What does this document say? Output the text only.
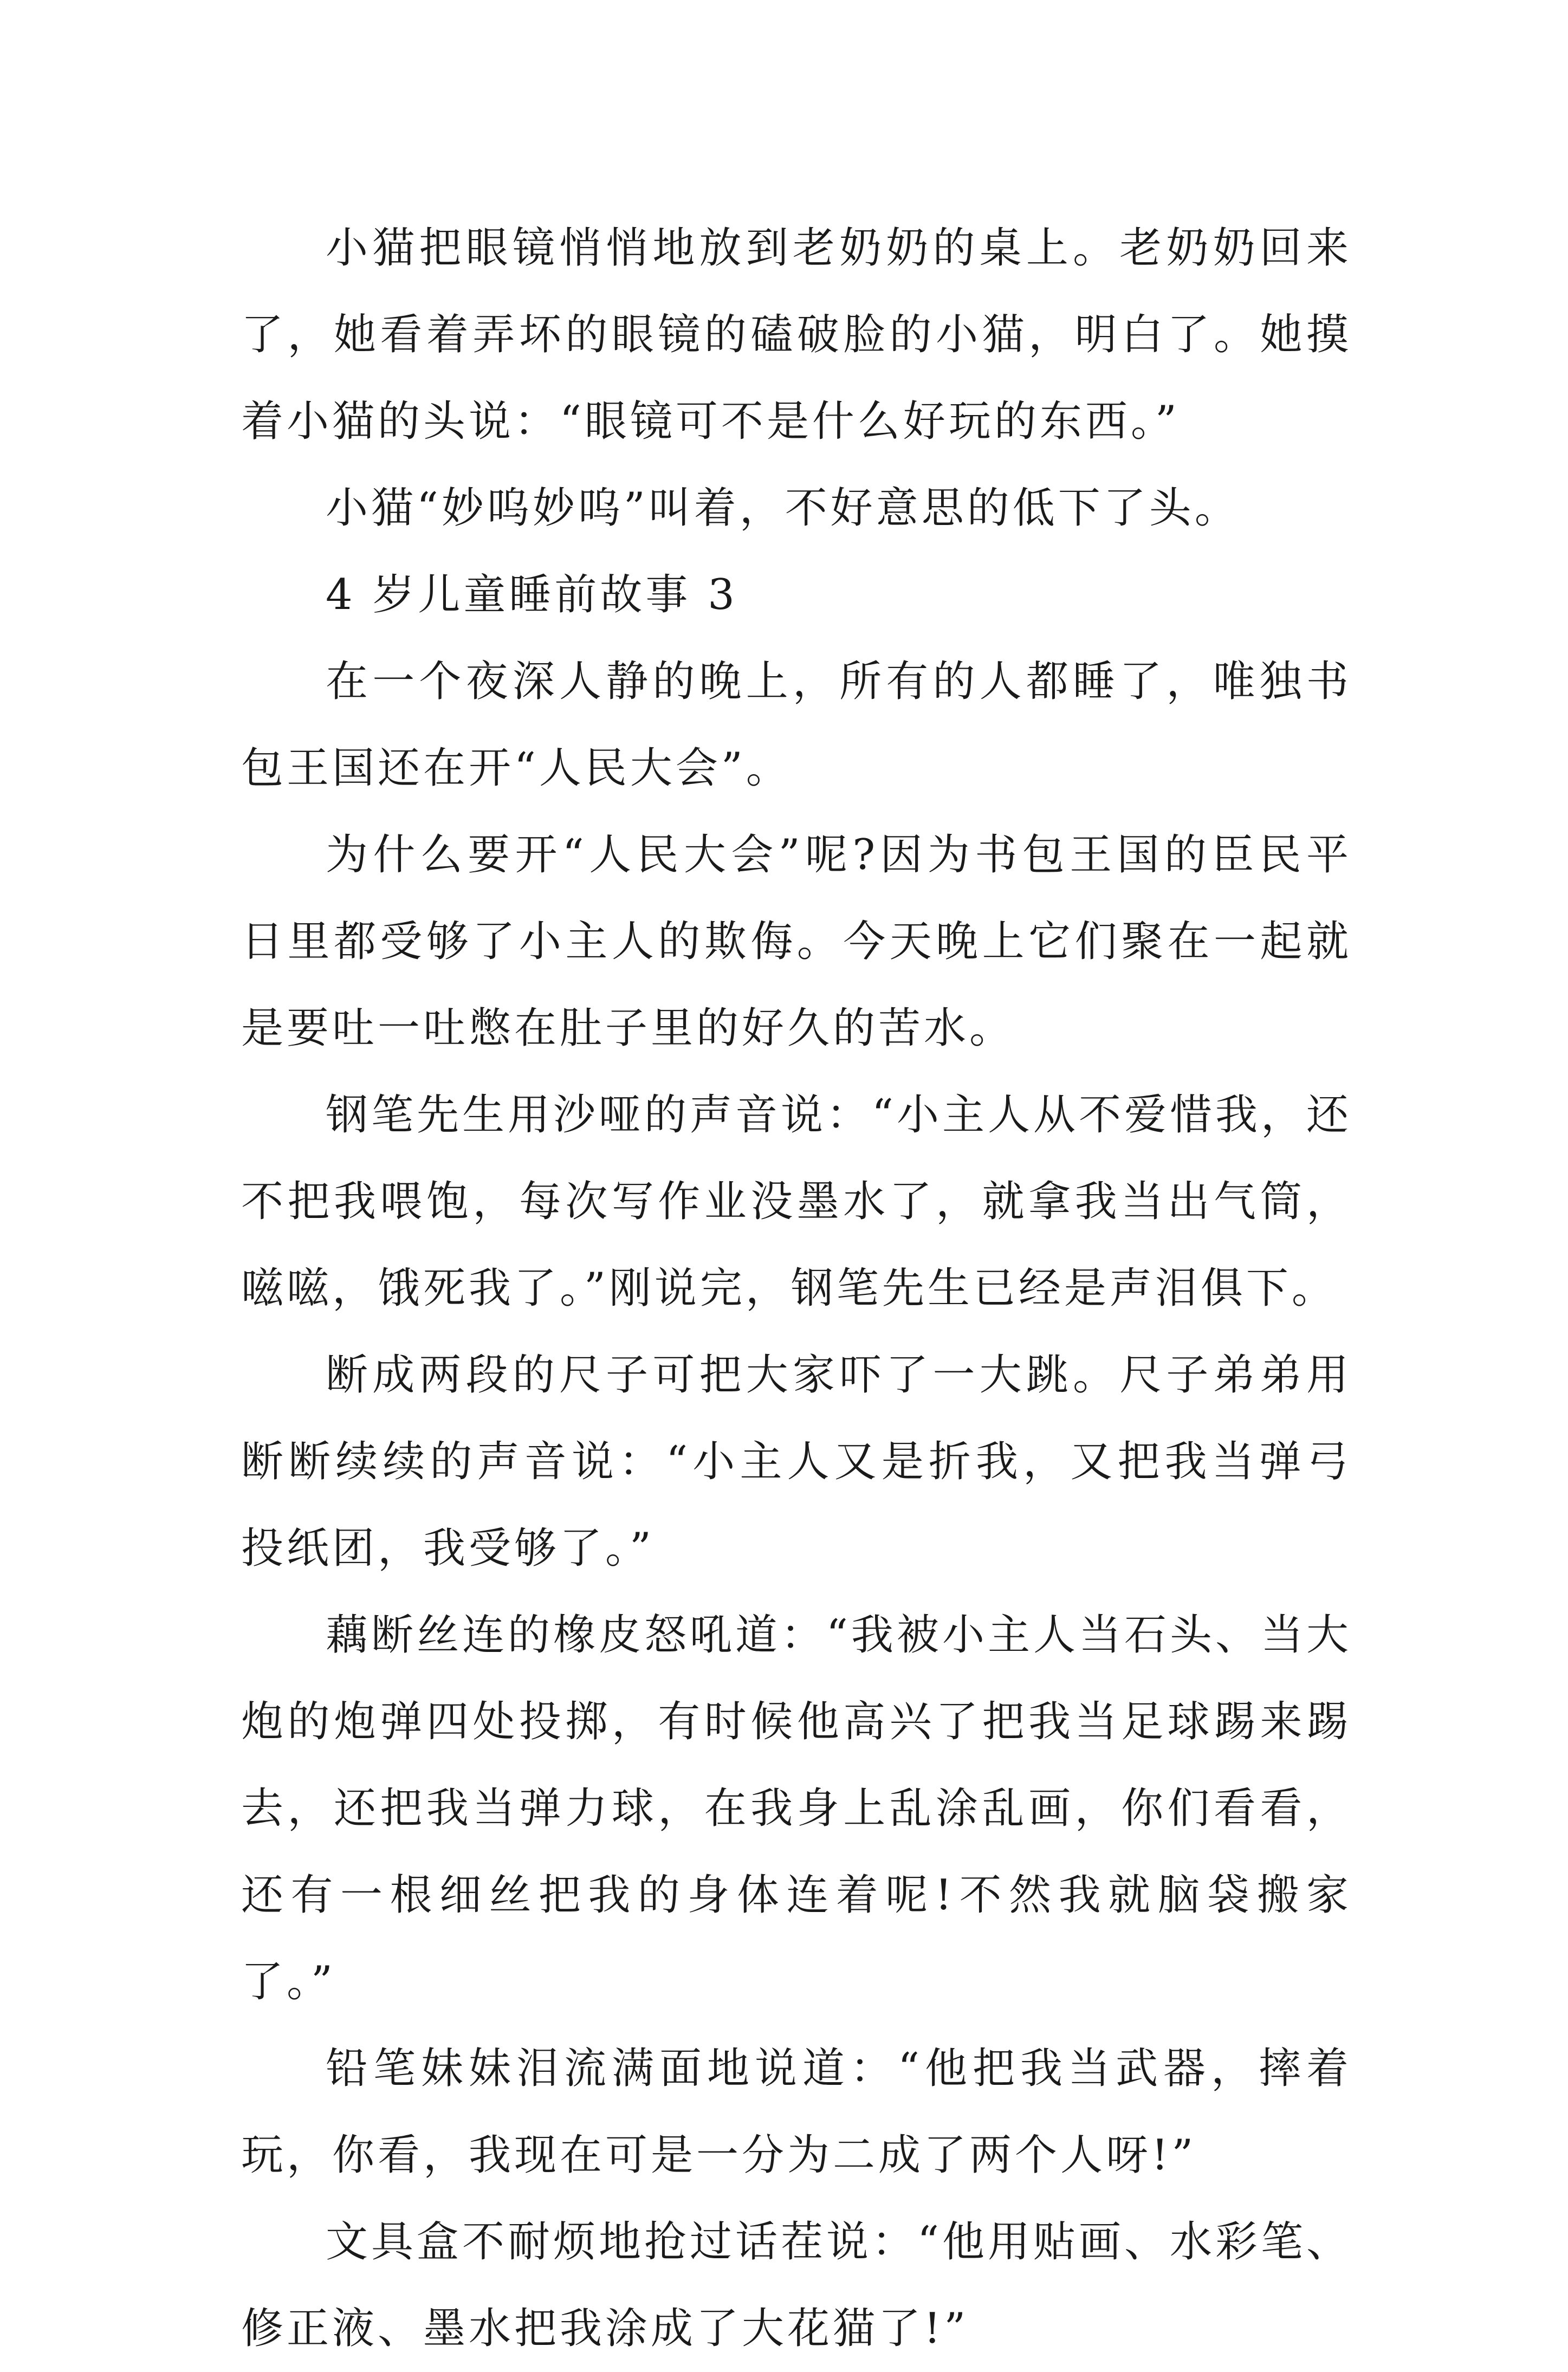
小猫把眼镜悄悄地放到老奶奶的桌上。老奶奶回来了，她看着弄坏的眼镜的磕破脸的小猫，明白了。她摸着小猫的头说：“眼镜可不是什么好玩的东西。”

小猫“妙呜妙呜”叫着，不好意思的低下了头。

4 岁儿童睡前故事 3

在一个夜深人静的晚上，所有的人都睡了，唯独书包王国还在开“人民大会”。

为什么要开“人民大会”呢?因为书包王国的臣民平日里都受够了小主人的欺侮。今天晚上它们聚在一起就是要吐一吐憋在肚子里的好久的苦水。

钢笔先生用沙哑的声音说：“小主人从不爱惜我，还不把我喂饱，每次写作业没墨水了，就拿我当出气筒，嗞嗞，饿死我了。”刚说完，钢笔先生已经是声泪俱下。

断成两段的尺子可把大家吓了一大跳。尺子弟弟用断断续续的声音说：“小主人又是折我，又把我当弹弓投纸团，我受够了。”

藕断丝连的橡皮怒吼道：“我被小主人当石头、当大炮的炮弹四处投掷，有时候他高兴了把我当足球踢来踢去，还把我当弹力球，在我身上乱涂乱画，你们看看，还有一根细丝把我的身体连着呢!不然我就脑袋搬家了。”

铅笔妹妹泪流满面地说道：“他把我当武器，摔着玩，你看，我现在可是一分为二成了两个人呀!”

文具盒不耐烦地抢过话茬说：“他用贴画、水彩笔、修正液、墨水把我涂成了大花猫了!”
